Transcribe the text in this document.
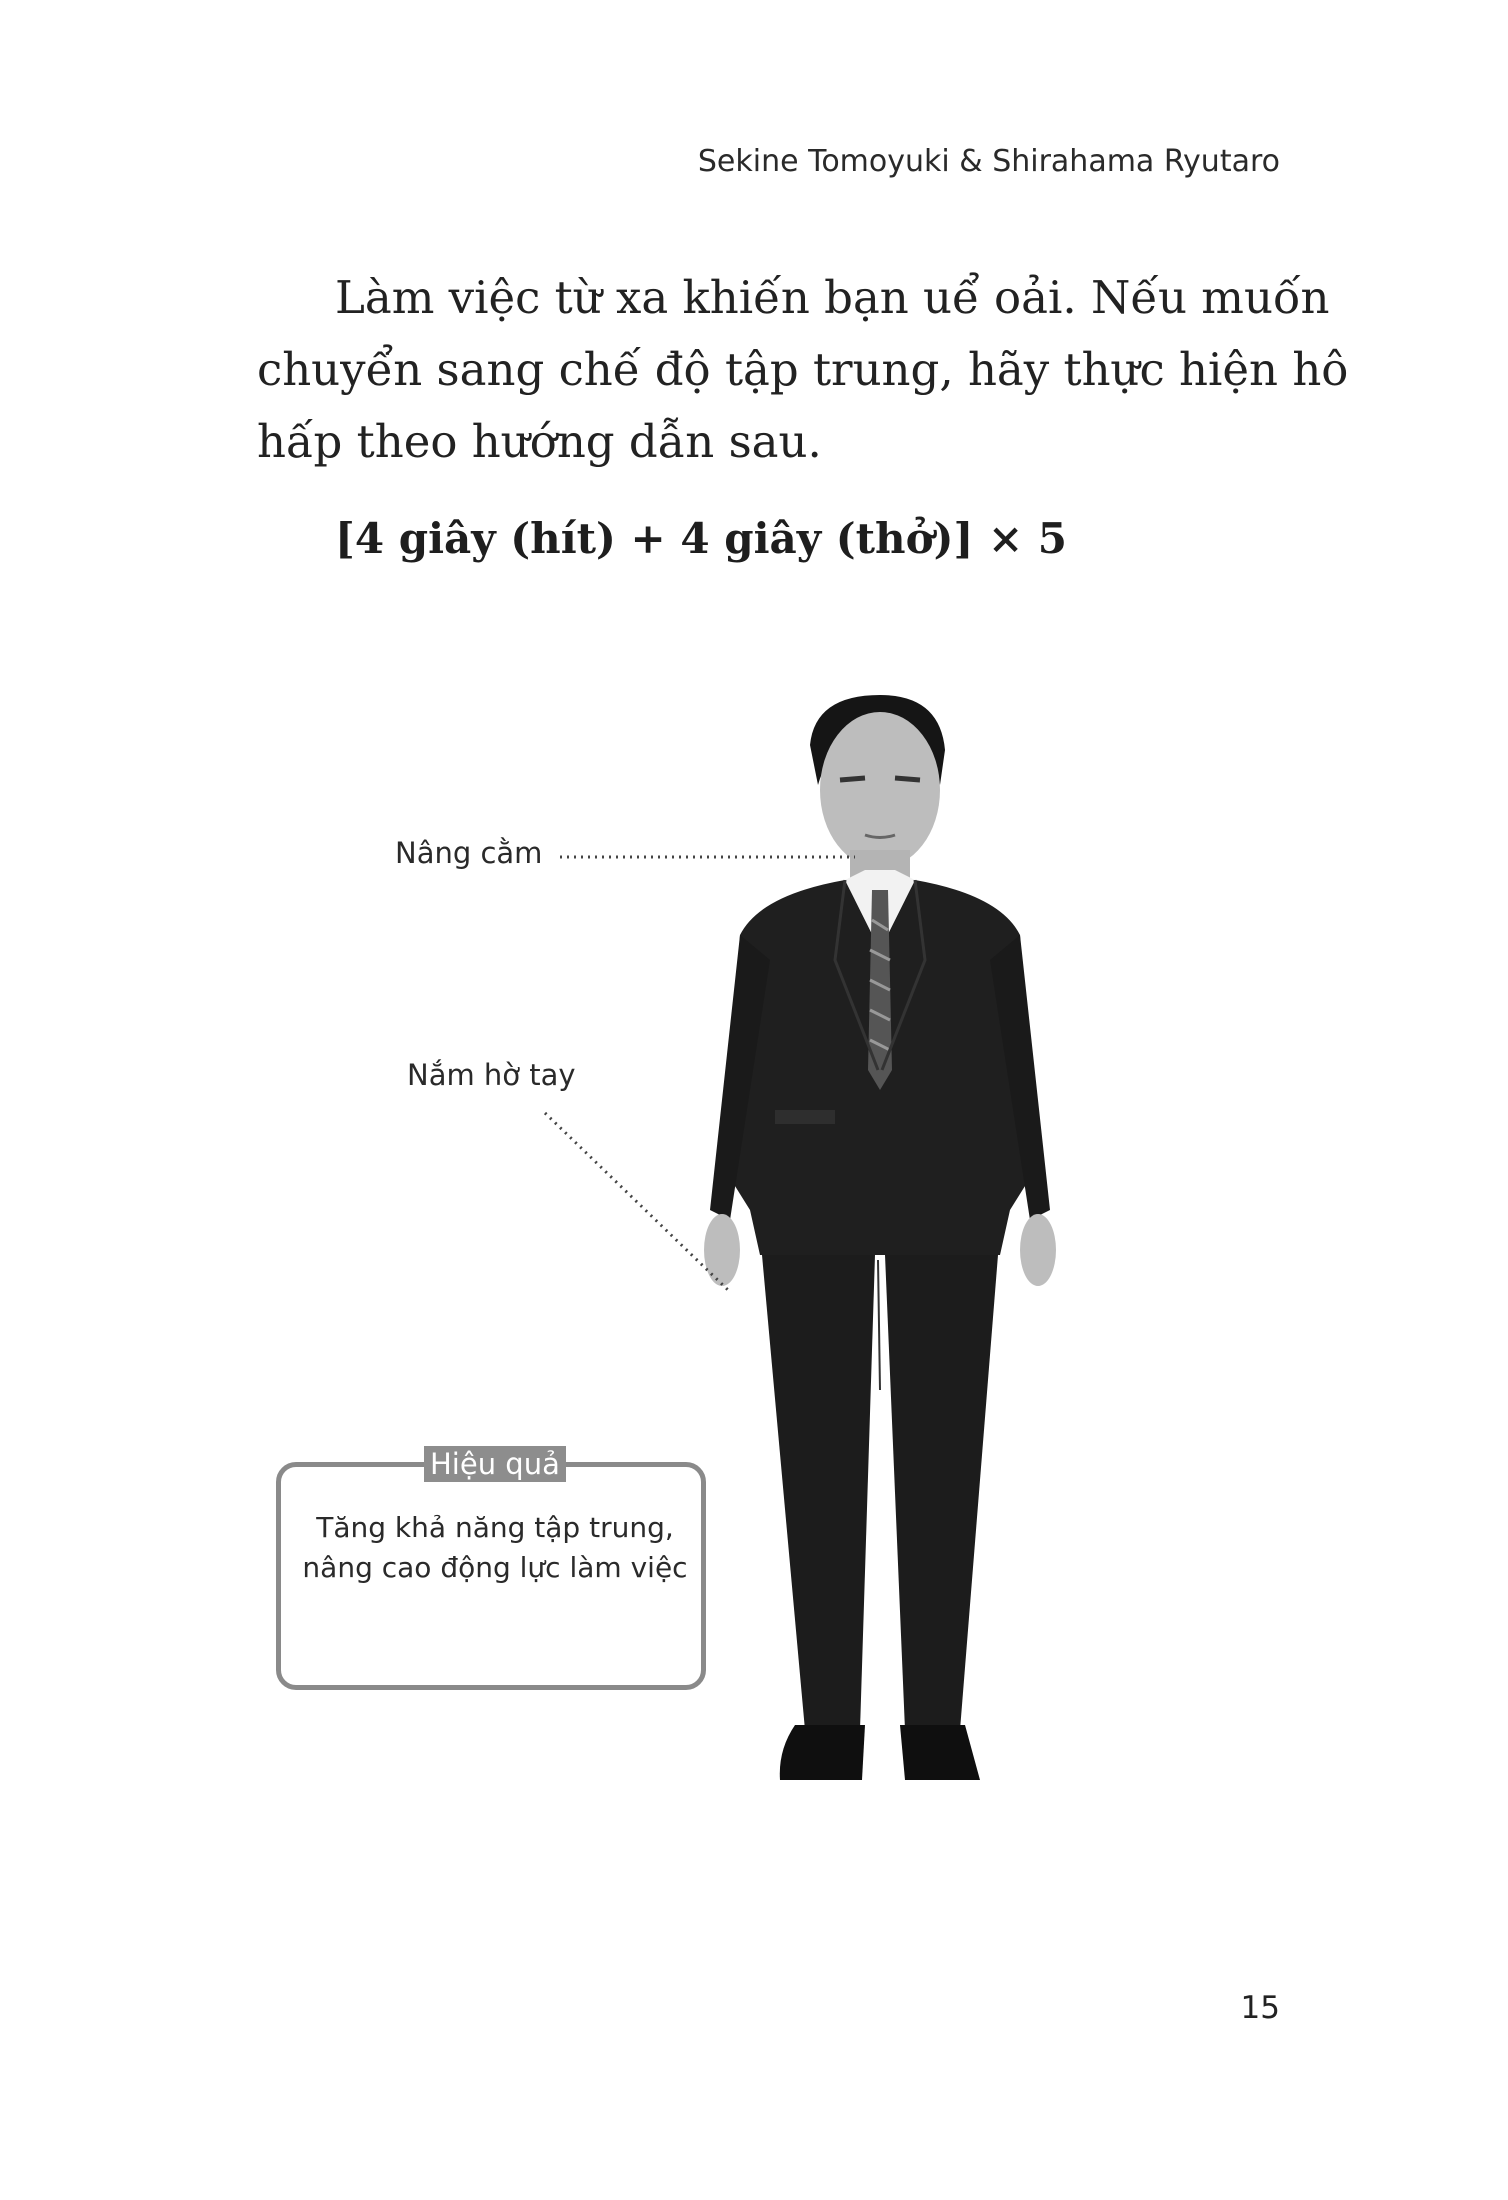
Sekine Tomoyuki & Shirahama Ryutaro
Làm việc từ xa khiến bạn uể oải. Nếu muốn
chuyển sang chế độ tập trung, hãy thực hiện hô
hấp theo hướng dẫn sau.
[4 giây (hít) + 4 giây (thở)] × 5
Nâng cằm
Nắm hờ tay
Hiệu quả
Tăng khả năng tập trung,
nâng cao động lực làm việc
15
